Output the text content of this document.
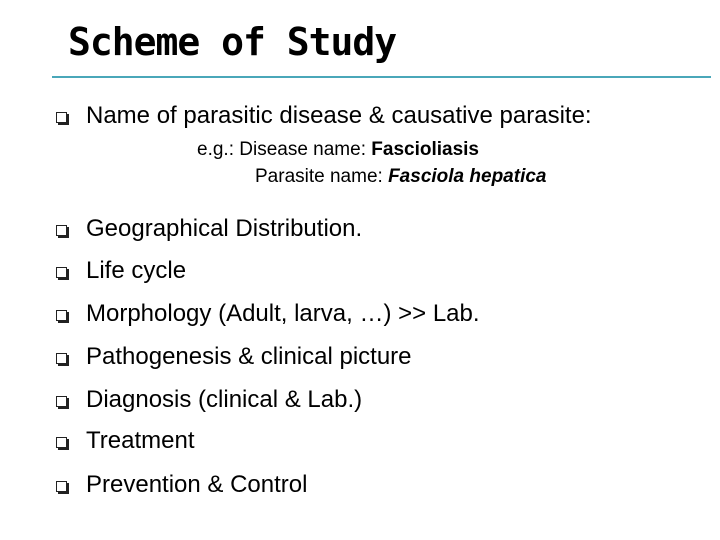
Scheme of Study
Name of parasitic disease & causative parasite:
e.g.: Disease name: Fascioliasis
Parasite name: Fasciola hepatica
Geographical Distribution.
Life cycle
Morphology (Adult, larva, …) >> Lab.
Pathogenesis & clinical picture
Diagnosis (clinical & Lab.)
Treatment
Prevention & Control
